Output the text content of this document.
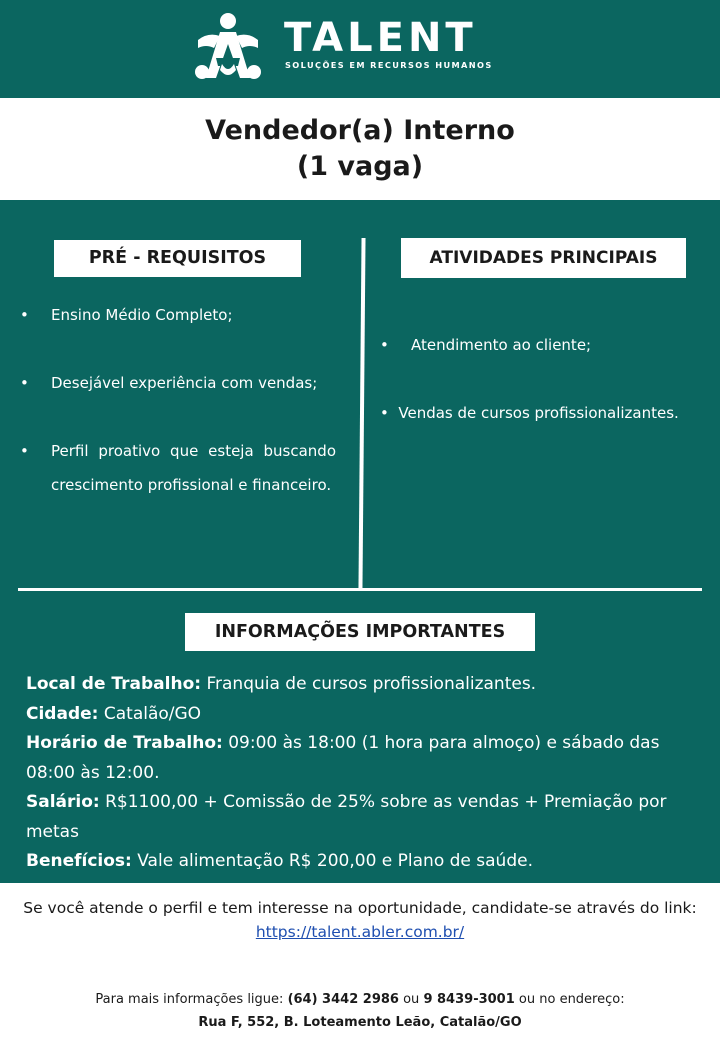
TALENT
SOLUÇÕES EM RECURSOS HUMANOS
Vendedor(a) Interno
(1 vaga)
PRÉ - REQUISITOS	ATIVIDADES PRINCIPAIS
• Ensino Médio Completo;
• Desejável experiência com vendas;
• Perfil proativo que esteja buscando crescimento profissional e financeiro.
• Atendimento ao cliente;
•  Vendas de cursos profissionalizantes.
INFORMAÇÕES IMPORTANTES
Local de Trabalho: Franquia de cursos profissionalizantes.
Cidade: Catalão/GO
Horário de Trabalho: 09:00 às 18:00 (1 hora para almoço) e sábado das 08:00 às 12:00.
Salário: R$1100,00 + Comissão de 25% sobre as vendas + Premiação por metas
Benefícios: Vale alimentação R$ 200,00 e Plano de saúde.
Se você atende o perfil e tem interesse na oportunidade, candidate-se através do link: https://talent.abler.com.br/
Para mais informações ligue: (64) 3442 2986 ou 9 8439-3001 ou no endereço:
Rua F, 552, B. Loteamento Leão, Catalão/GO
